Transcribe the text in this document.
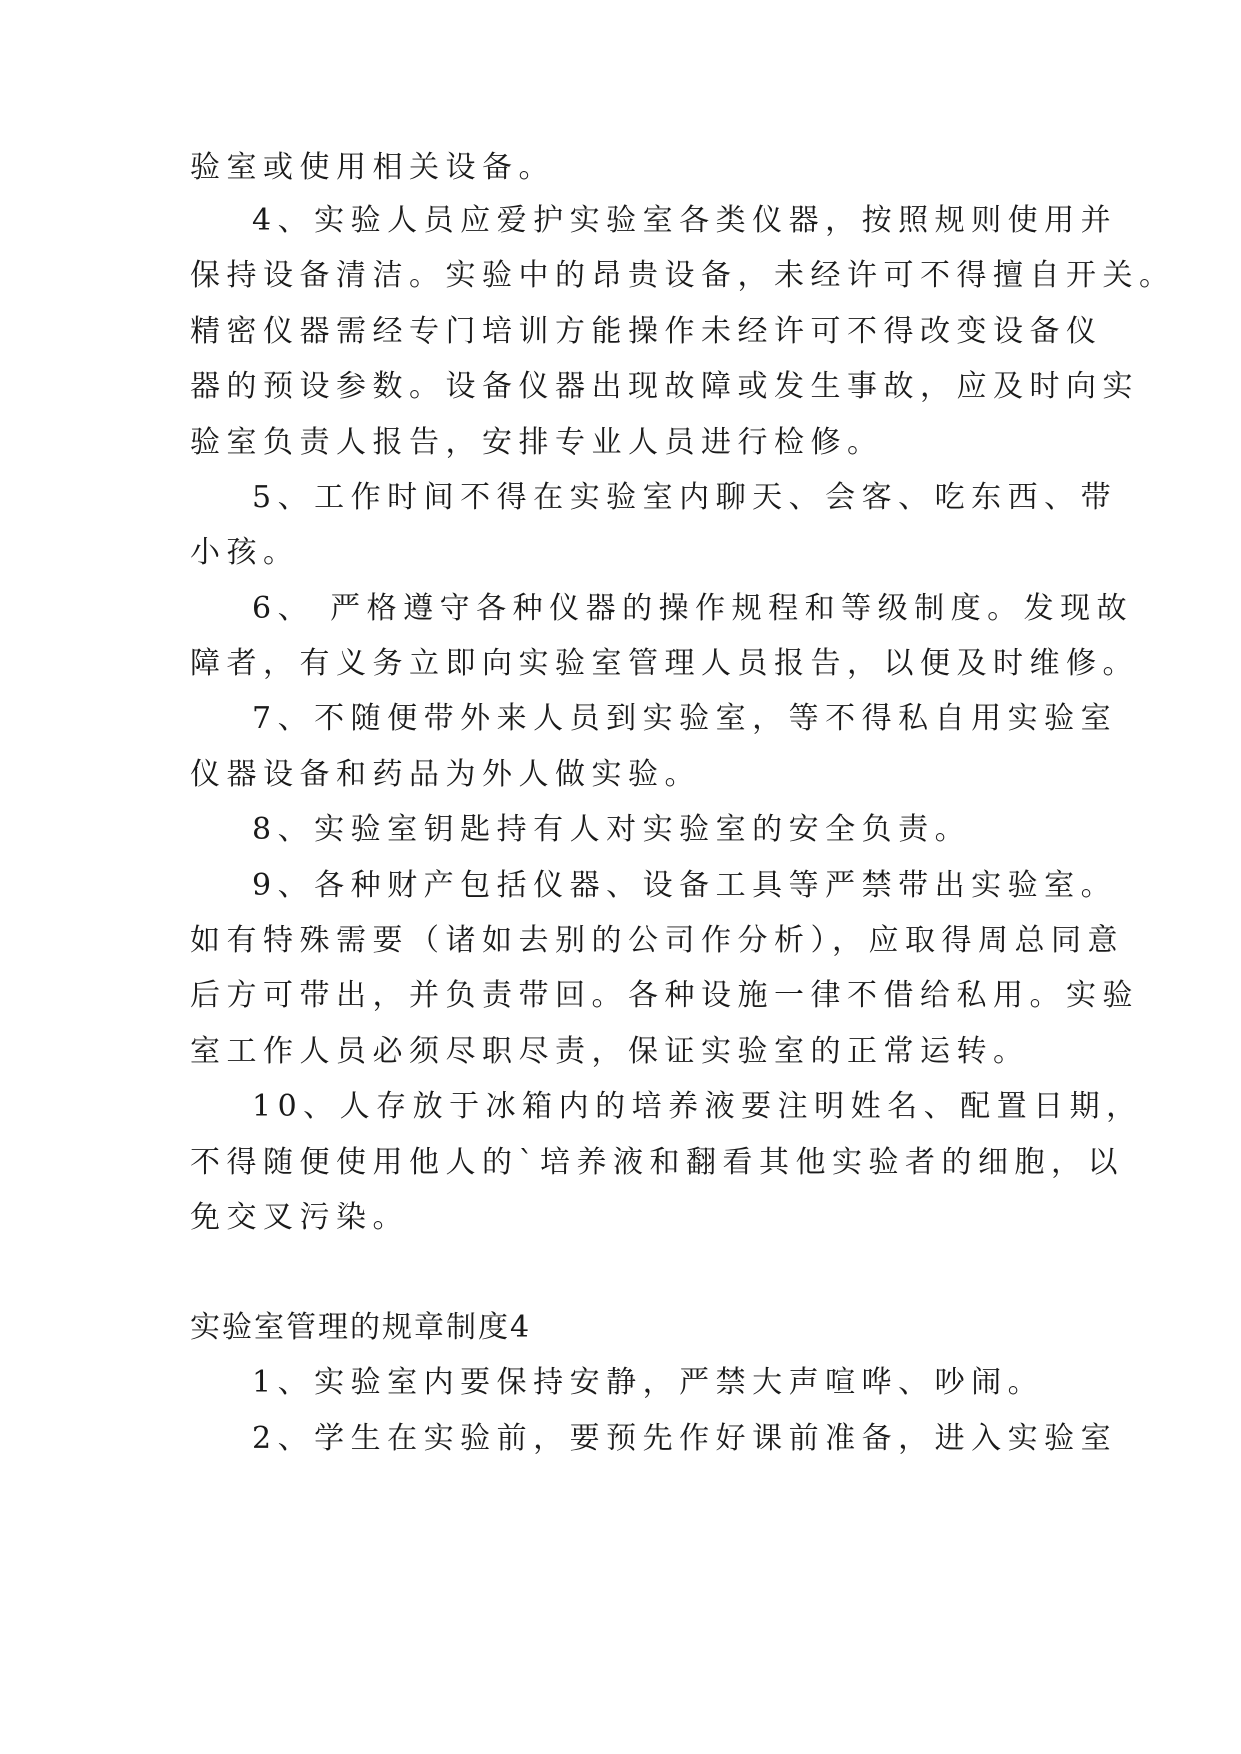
验室或使用相关设备。
4、实验人员应爱护实验室各类仪器，按照规则使用并
保持设备清洁。实验中的昂贵设备，未经许可不得擅自开关。
精密仪器需经专门培训方能操作未经许可不得改变设备仪
器的预设参数。设备仪器出现故障或发生事故，应及时向实
验室负责人报告，安排专业人员进行检修。
5、工作时间不得在实验室内聊天、会客、吃东西、带
小孩。
6、 严格遵守各种仪器的操作规程和等级制度。发现故
障者，有义务立即向实验室管理人员报告，以便及时维修。
7、不随便带外来人员到实验室，等不得私自用实验室
仪器设备和药品为外人做实验。
8、实验室钥匙持有人对实验室的安全负责。
9、各种财产包括仪器、设备工具等严禁带出实验室。
如有特殊需要（诸如去别的公司作分析），应取得周总同意
后方可带出，并负责带回。各种设施一律不借给私用。实验
室工作人员必须尽职尽责，保证实验室的正常运转。
10、人存放于冰箱内的培养液要注明姓名、配置日期，
不得随便使用他人的`培养液和翻看其他实验者的细胞，以
免交叉污染。
实验室管理的规章制度4
1、实验室内要保持安静，严禁大声喧哗、吵闹。
2、学生在实验前，要预先作好课前准备，进入实验室
